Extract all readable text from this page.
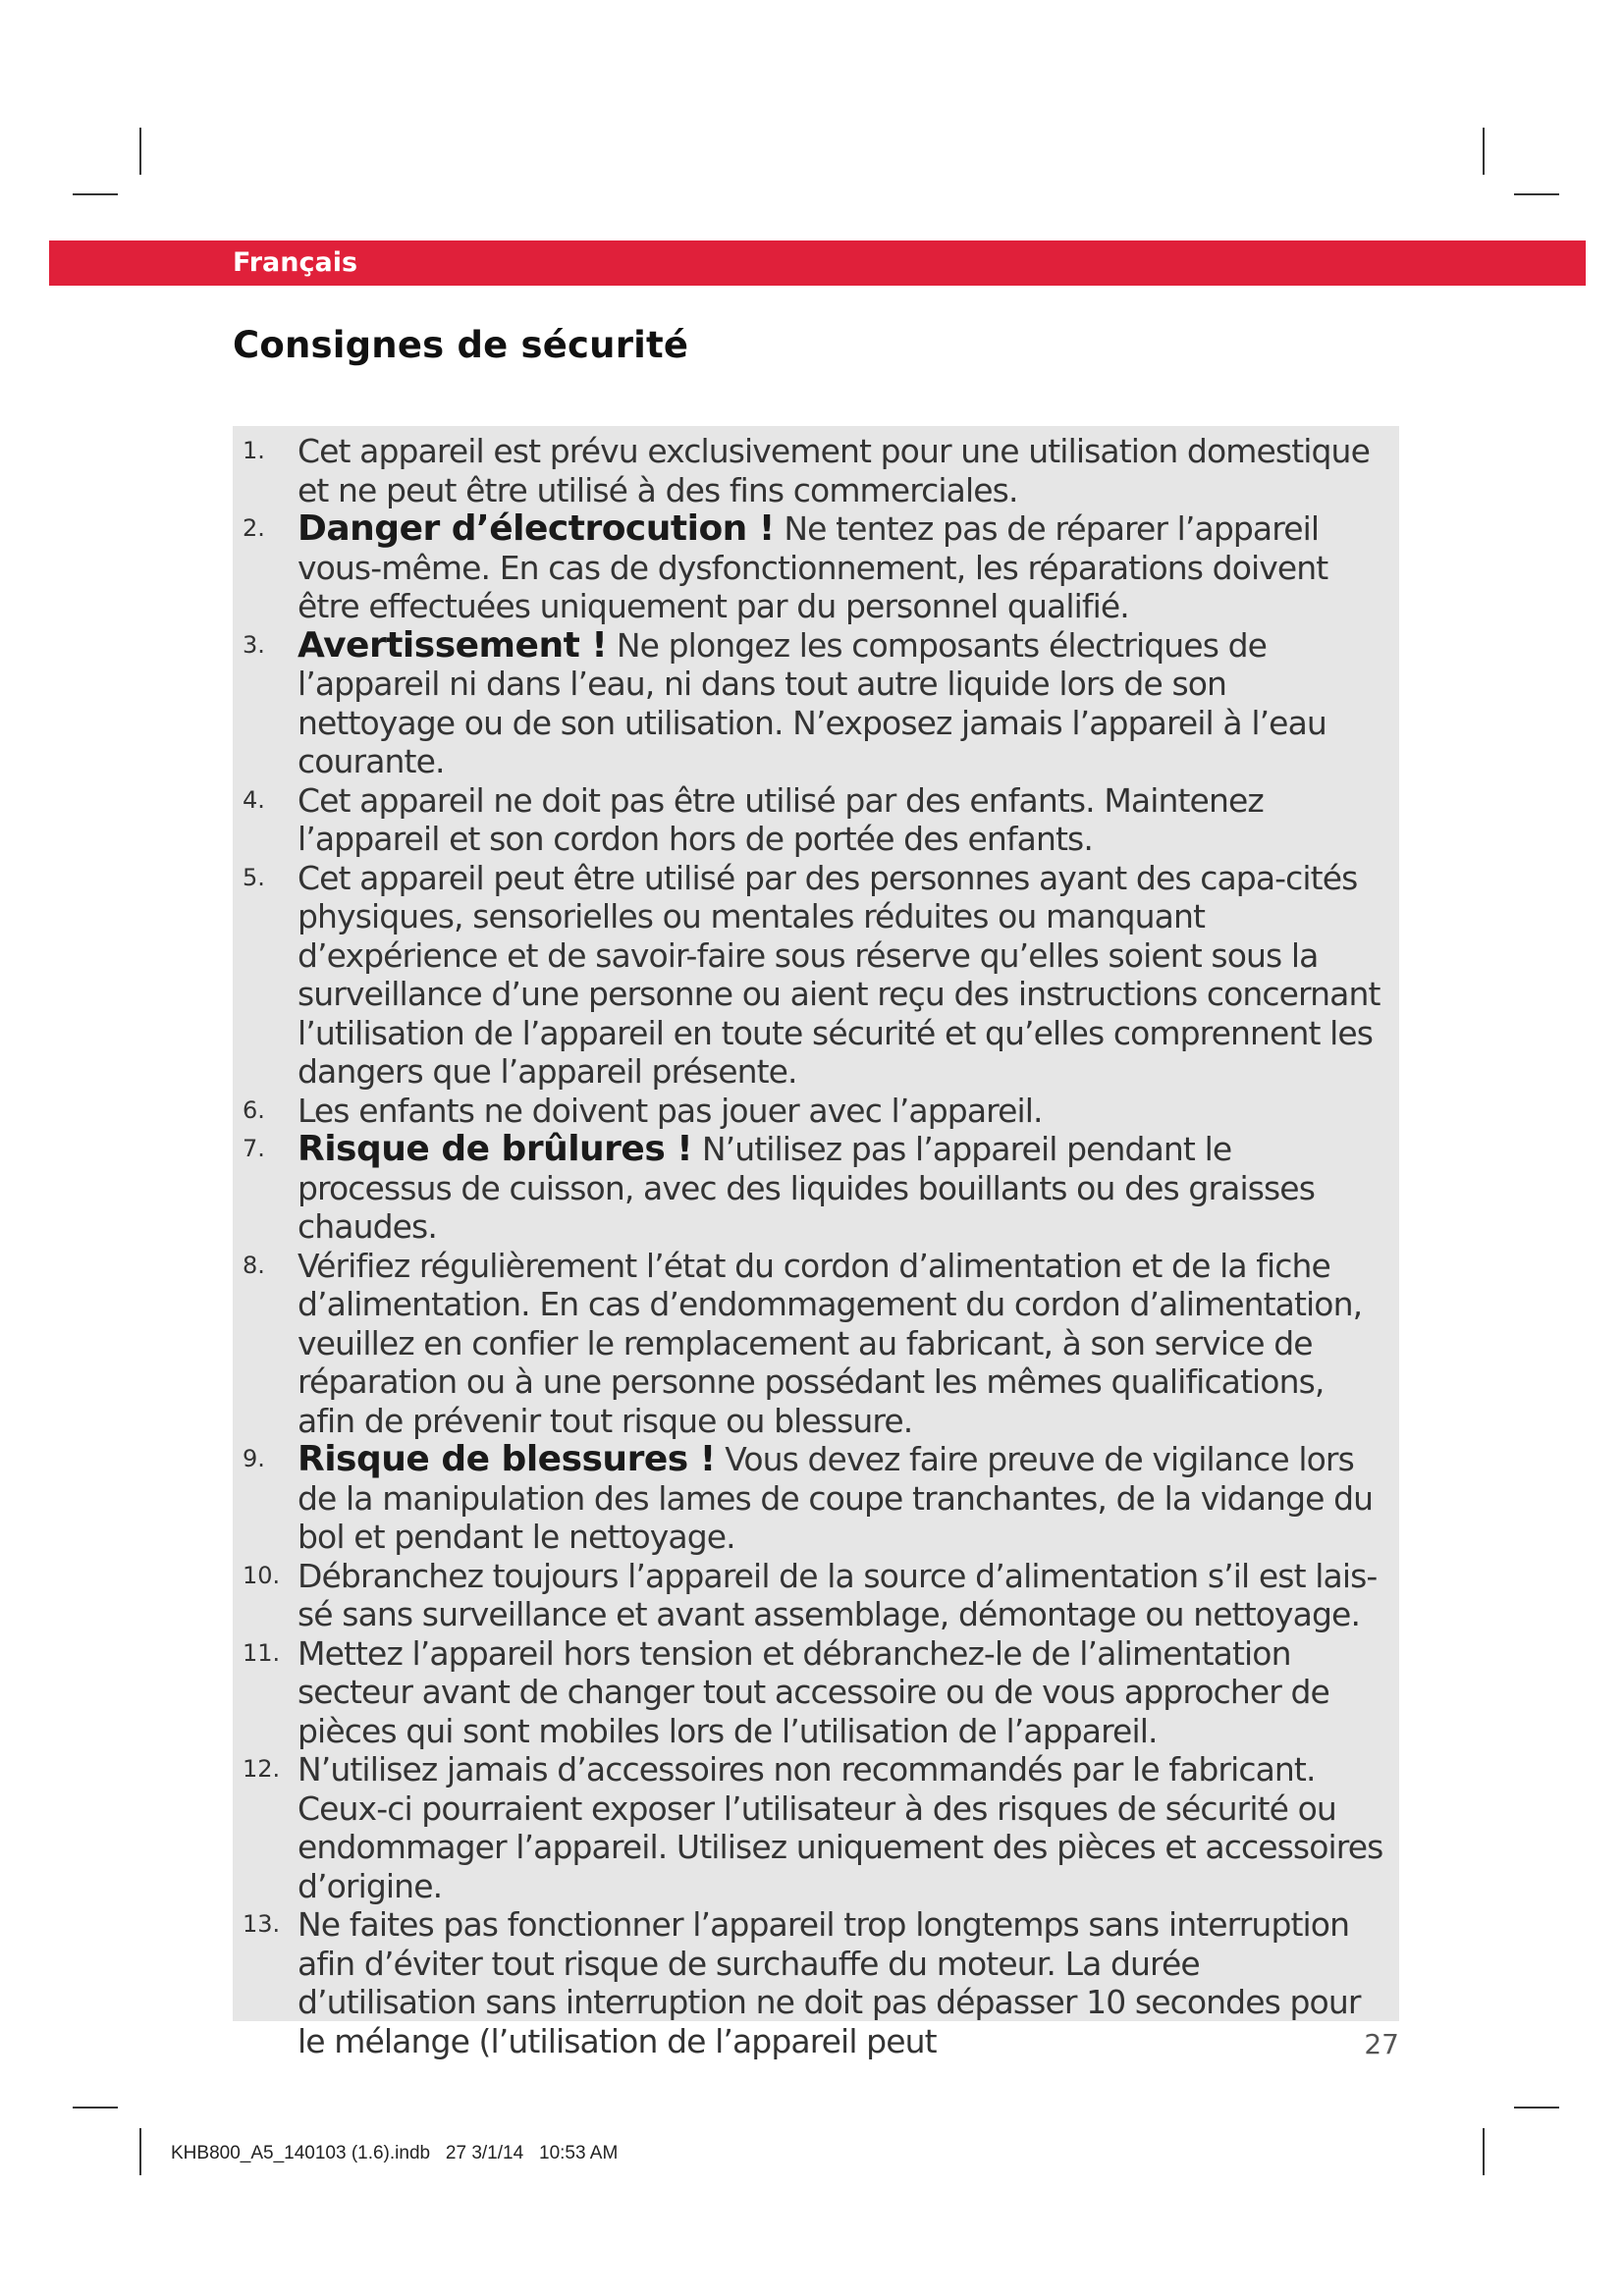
Français
Consignes de sécurité
1. Cet appareil est prévu exclusivement pour une utilisation domestique et ne peut être utilisé à des fins commerciales.
2. Danger d’électrocution ! Ne tentez pas de réparer l’appareil vous-même. En cas de dysfonctionnement, les réparations doivent être effectuées uniquement par du personnel qualifié.
3. Avertissement ! Ne plongez les composants électriques de l’appareil ni dans l’eau, ni dans tout autre liquide lors de son nettoyage ou de son utilisation. N’exposez jamais l’appareil à l’eau courante.
4. Cet appareil ne doit pas être utilisé par des enfants. Maintenez l’appareil et son cordon hors de portée des enfants.
5. Cet appareil peut être utilisé par des personnes ayant des capa-cités physiques, sensorielles ou mentales réduites ou manquant d’expérience et de savoir-faire sous réserve qu’elles soient sous la surveillance d’une personne ou aient reçu des instructions concernant l’utilisation de l’appareil en toute sécurité et qu’elles comprennent les dangers que l’appareil présente.
6. Les enfants ne doivent pas jouer avec l’appareil.
7. Risque de brûlures ! N’utilisez pas l’appareil pendant le processus de cuisson, avec des liquides bouillants ou des graisses chaudes.
8. Vérifiez régulièrement l’état du cordon d’alimentation et de la fiche d’alimentation. En cas d’endommagement du cordon d’alimentation, veuillez en confier le remplacement au fabricant, à son service de réparation ou à une personne possédant les mêmes qualifications, afin de prévenir tout risque ou blessure.
9. Risque de blessures ! Vous devez faire preuve de vigilance lors de la manipulation des lames de coupe tranchantes, de la vidange du bol et pendant le nettoyage.
10. Débranchez toujours l’appareil de la source d’alimentation s’il est lais-sé sans surveillance et avant assemblage, démontage ou nettoyage.
11. Mettez l’appareil hors tension et débranchez-le de l’alimentation secteur avant de changer tout accessoire ou de vous approcher de pièces qui sont mobiles lors de l’utilisation de l’appareil.
12. N’utilisez jamais d’accessoires non recommandés par le fabricant. Ceux-ci pourraient exposer l’utilisateur à des risques de sécurité ou endommager l’appareil. Utilisez uniquement des pièces et accessoires d’origine.
13. Ne faites pas fonctionner l’appareil trop longtemps sans interruption afin d’éviter tout risque de surchauffe du moteur. La durée d’utilisation sans interruption ne doit pas dépasser 10 secondes pour le mélange (l’utilisation de l’appareil peut	27
KHB800_A5_140103 (1.6).indb   27 3/1/14   10:53 AM
